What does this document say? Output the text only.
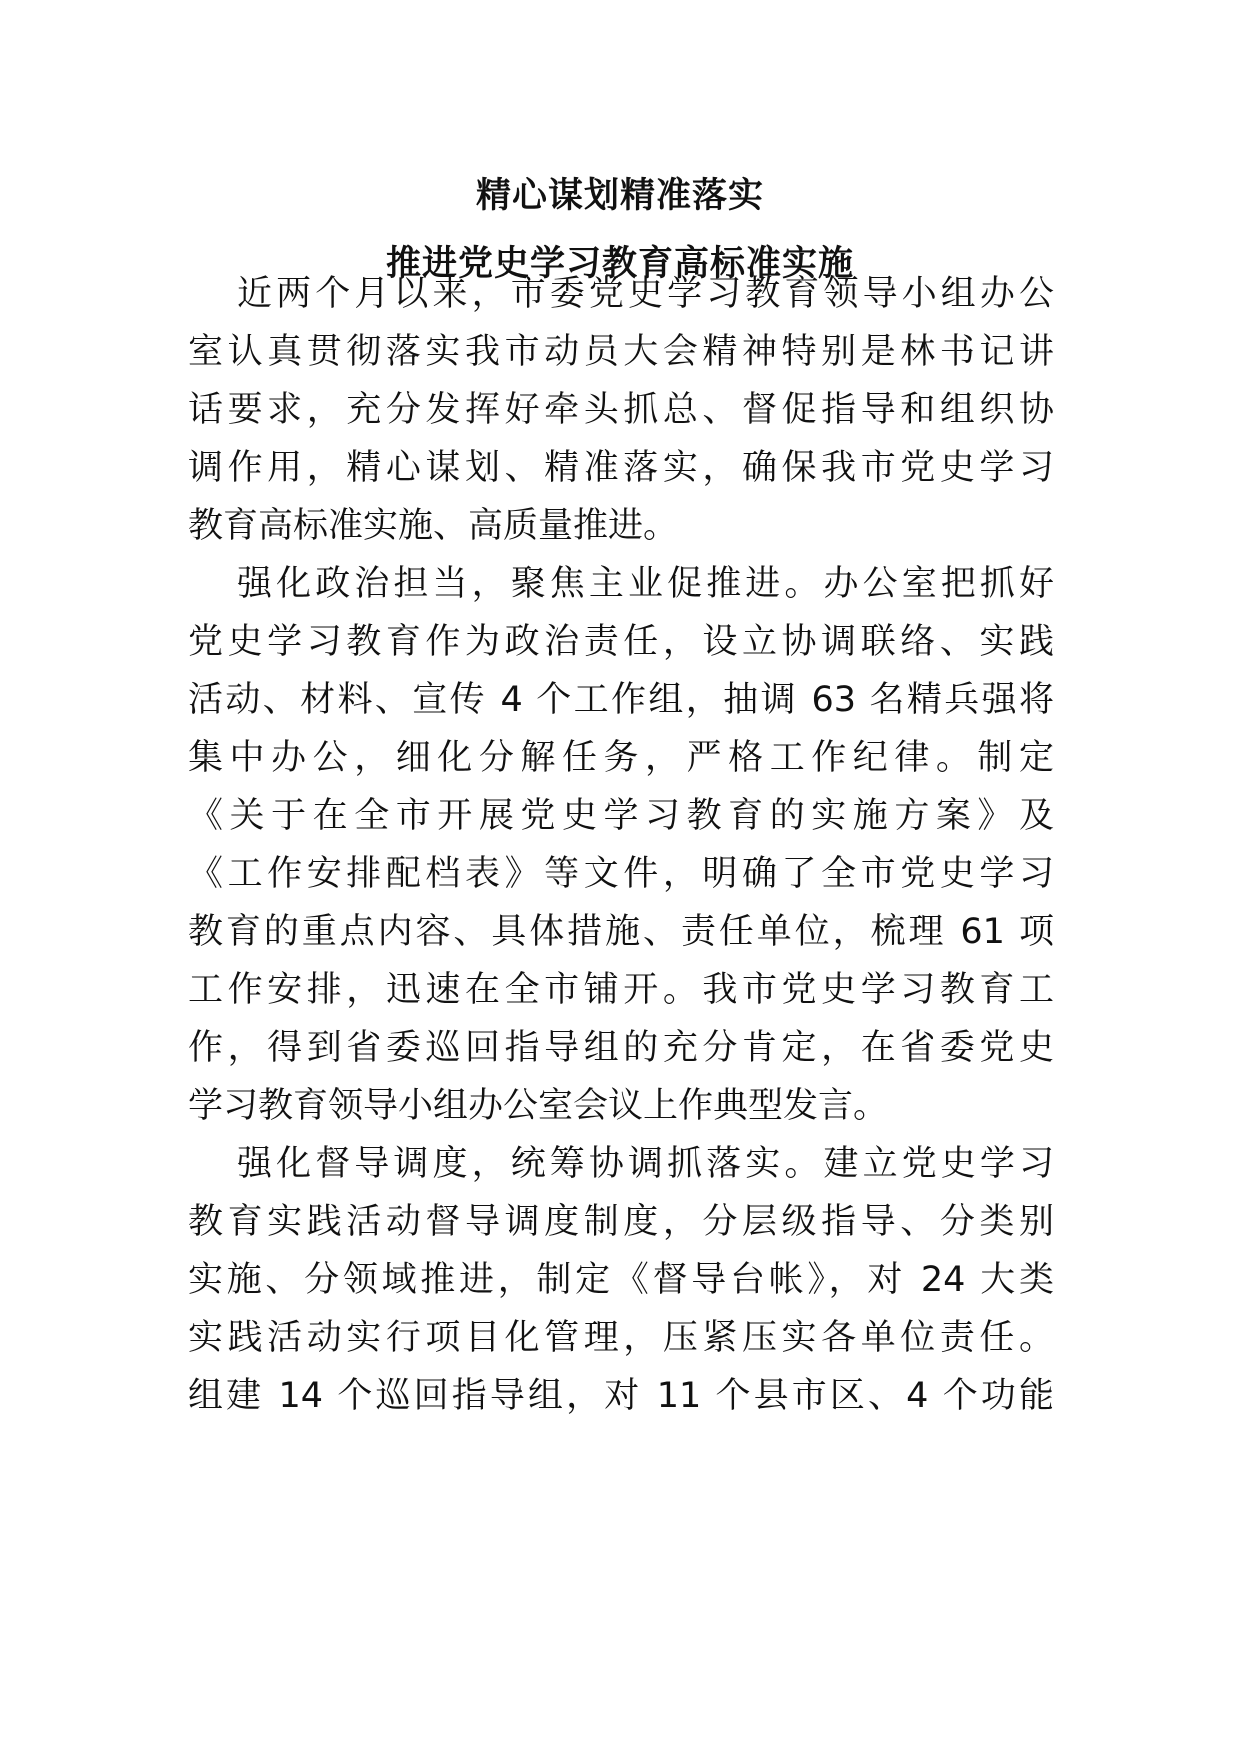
精心谋划精准落实
推进党史学习教育高标准实施
近两个月以来，市委党史学习教育领导小组办公
室认真贯彻落实我市动员大会精神特别是林书记讲
话要求，充分发挥好牵头抓总、督促指导和组织协
调作用，精心谋划、精准落实，确保我市党史学习
教育高标准实施、高质量推进。
强化政治担当，聚焦主业促推进。办公室把抓好
党史学习教育作为政治责任，设立协调联络、实践
活动、材料、宣传 4 个工作组，抽调 63 名精兵强将
集中办公，细化分解任务，严格工作纪律。制定
《关于在全市开展党史学习教育的实施方案》及
《工作安排配档表》等文件，明确了全市党史学习
教育的重点内容、具体措施、责任单位，梳理 61 项
工作安排，迅速在全市铺开。我市党史学习教育工
作，得到省委巡回指导组的充分肯定，在省委党史
学习教育领导小组办公室会议上作典型发言。
强化督导调度，统筹协调抓落实。建立党史学习
教育实践活动督导调度制度，分层级指导、分类别
实施、分领域推进，制定《督导台帐》，对 24 大类
实践活动实行项目化管理，压紧压实各单位责任。
组建 14 个巡回指导组，对 11 个县市区、4 个功能
